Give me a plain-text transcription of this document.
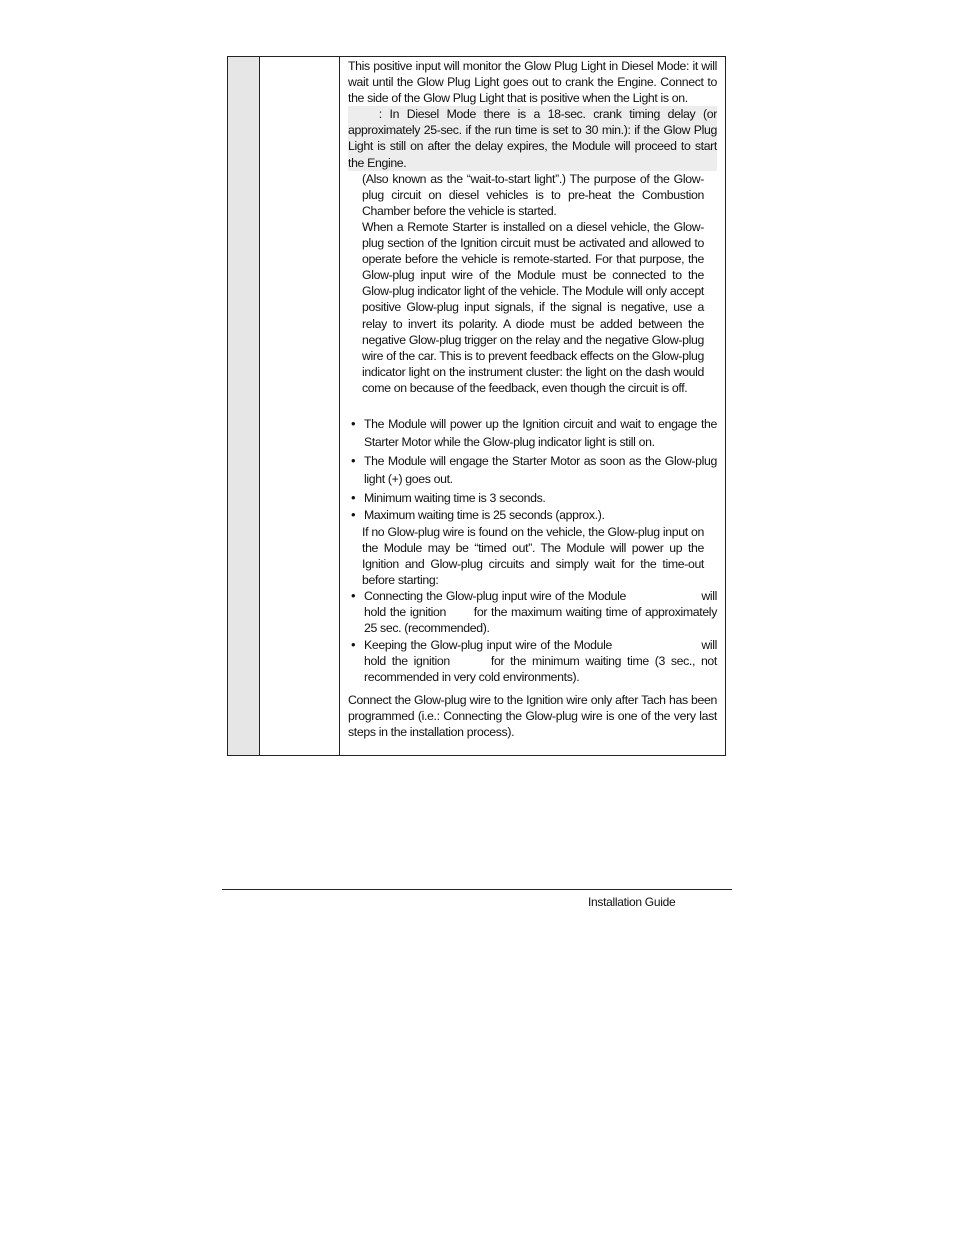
This positive input will monitor the Glow Plug Light in Diesel Mode: it will wait until the Glow Plug Light goes out to crank the Engine. Connect to the side of the Glow Plug Light that is positive when the Light is on.

: In Diesel Mode there is a 18-sec. crank timing delay (or approximately 25-sec. if the run time is set to 30 min.): if the Glow Plug Light is still on after the delay expires, the Module will proceed to start the Engine.

(Also known as the “wait-to-start light”.) The purpose of the Glow-plug circuit on diesel vehicles is to pre-heat the Combustion Chamber before the vehicle is started.

When a Remote Starter is installed on a diesel vehicle, the Glow-plug section of the Ignition circuit must be activated and allowed to operate before the vehicle is remote-started. For that purpose, the Glow-plug input wire of the Module must be connected to the Glow-plug indicator light of the vehicle. The Module will only accept positive Glow-plug input signals, if the signal is negative, use a relay to invert its polarity. A diode must be added between the negative Glow-plug trigger on the relay and the negative Glow-plug wire of the car. This is to prevent feedback effects on the Glow-plug indicator light on the instrument cluster: the light on the dash would come on because of the feedback, even though the circuit is off.

• The Module will power up the Ignition circuit and wait to engage the Starter Motor while the Glow-plug indicator light is still on.
• The Module will engage the Starter Motor as soon as the Glow-plug light (+) goes out.
• Minimum waiting time is 3 seconds.
• Maximum waiting time is 25 seconds (approx.).

If no Glow-plug wire is found on the vehicle, the Glow-plug input on the Module may be “timed out”. The Module will power up the Ignition and Glow-plug circuits and simply wait for the time-out before starting:

• Connecting the Glow-plug input wire of the Module                     will hold the ignition       for the maximum waiting time of approximately 25 sec. (recommended).
• Keeping the Glow-plug input wire of the Module                       will hold the ignition       for the minimum waiting time (3 sec., not recommended in very cold environments).

Connect the Glow-plug wire to the Ignition wire only after Tach has been programmed (i.e.: Connecting the Glow-plug wire is one of the very last steps in the installation process).

Installation Guide
